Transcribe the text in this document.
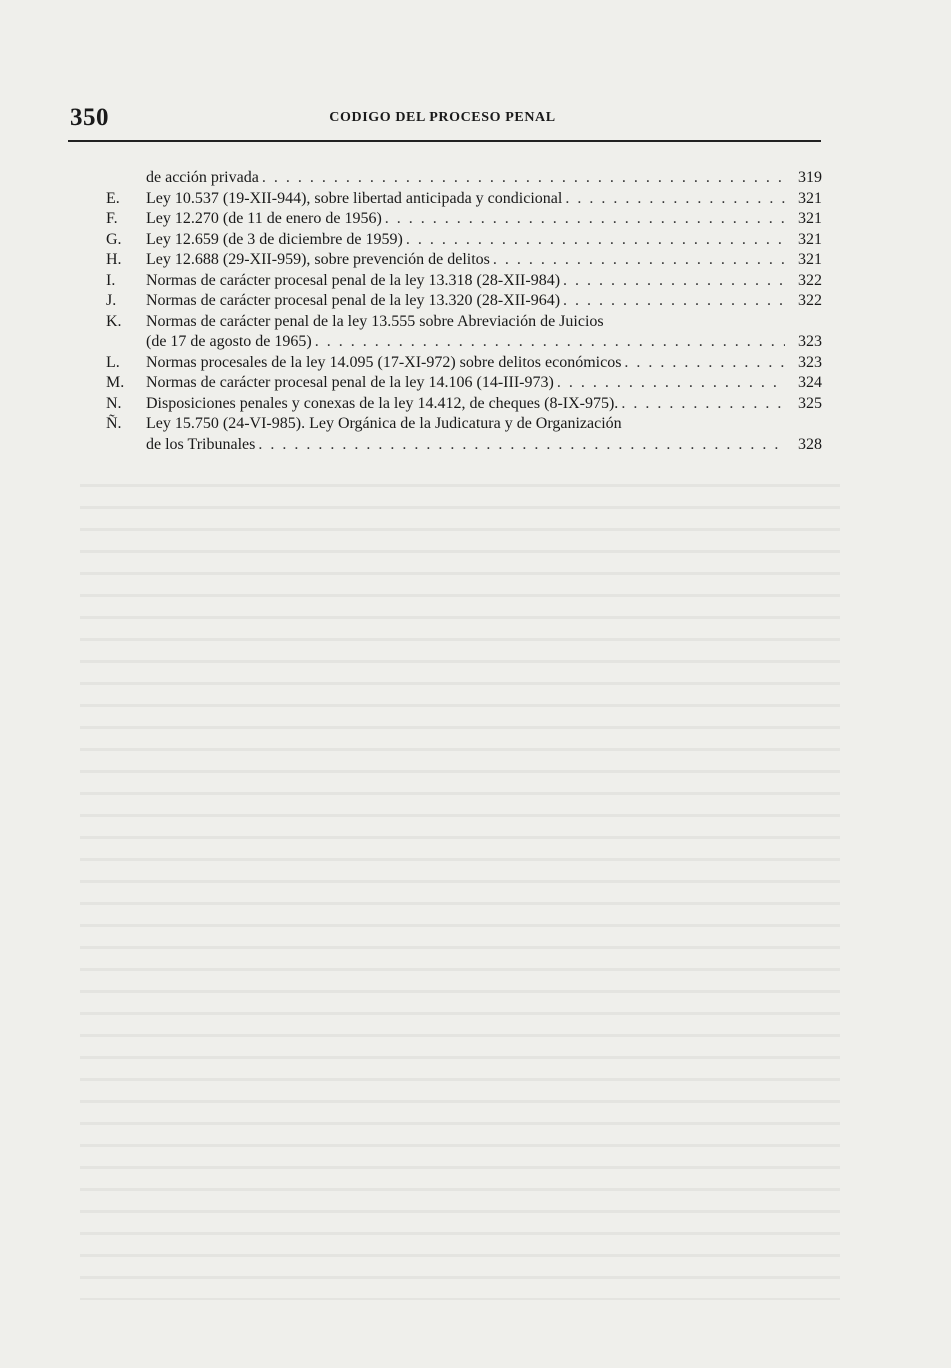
350	CODIGO DEL PROCESO PENAL
de acción privada . . .	319
E.	Ley 10.537 (19-XII-944), sobre libertad anticipada y condicional . . .	321
F.	Ley 12.270 (de 11 de enero de 1956) . . .	321
G.	Ley 12.659 (de 3 de diciembre de 1959) . . .	321
H.	Ley 12.688 (29-XII-959), sobre prevención de delitos . . .	321
I.	Normas de carácter procesal penal de la ley 13.318 (28-XII-984) . . .	322
J.	Normas de carácter procesal penal de la ley 13.320 (28-XII-964) . . .	322
K.	Normas de carácter penal de la ley 13.555 sobre Abreviación de Juicios
(de 17 de agosto de 1965) . . .	323
L.	Normas procesales de la ley 14.095 (17-XI-972) sobre delitos económicos . . .	323
M.	Normas de carácter procesal penal de la ley 14.106 (14-III-973) . . .	324
N.	Disposiciones penales y conexas de la ley 14.412, de cheques (8-IX-975). . . .	325
Ñ.	Ley 15.750 (24-VI-985). Ley Orgánica de la Judicatura y de Organización
de los Tribunales . . .	328
